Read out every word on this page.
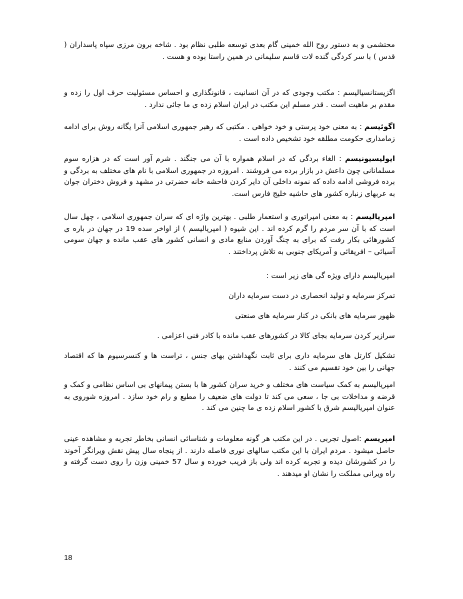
محتشمی و به دستور روح الله خمینی گام بعدی توسعه طلبی نظام بود . شاخه برون مرزی سپاه پاسداران ( قدس ) با سر کردگی گنده لات قاسم سلیمانی در همین راستا بوده و هست .

اگزیستانسیالیسم : مکتب وجودی که در آن انسانیت ، قانونگذاری و احساس مسئولیت حرف اول را زده و مقدم بر ماهیت است . قدر مسلم این مکتب در ایران اسلام زده ی ما جائی ندارد .

اگوئیسم : به معنی خود پرستی و خود خواهی . مکتبی که رهبر جمهوری اسلامی آنرا یگانه روش برای ادامه زمامداری حکومت مطلقه خود تشخیص داده است .

ایولیسیونیسم : الغاء بردگی که در اسلام همواره با آن می جنگند . شرم آور است که در هزاره سوم مسلمانانی چون داعش در بازار برده می فروشند . امروزه در جمهوری اسلامی با نام های مختلف به بردگی و برده فروشی ادامه داده که نمونه داخلی آن دایر کردن فاحشه خانه حضرتی در مشهد و فروش دختران جوان به عربهای زنباره کشور های حاشیه خلیج فارس است.

امپریالیسم : به معنی امپراتوری و استعمار طلبی . بهترین واژه ای که سران جمهوری اسلامی ، چهل سال است که با آن سر مردم را گرم کرده اند . این شیوه ( امپریالیسم ) از اواخر سده 19 در جهان در باره ی کشورهائی بکار رفت که برای به چنگ آوردن منابع مادی و انسانی کشور های عقب مانده و جهان سومی آسیائی – افریقائی و آمریکای جنوبی به تلاش پرداختند .

امپریالیسم دارای ویژه گی های زیر است :

تمرکز سرمایه و تولید انحصاری در دست سرمایه داران

ظهور سرمایه های بانکی در کنار سرمایه های صنعتی

سرازیر کردن سرمایه بجای کالا در کشورهای عقب مانده با کادر فنی اعزامی .

تشکیل کارتل های سرمایه داری برای ثابت نگهداشتن بهای جنس ، تراست ها و کنسرسیوم ها که اقتصاد جهانی را بین خود تقسیم می کنند .

امپریالیسم به کمک سیاست های مختلف و خرید سران کشور ها با بستن پیمانهای بی اساس نظامی و کمک و قرضه و مداخلات بی جا ، سعی می کند تا دولت های ضعیف را مطیع و رام خود سازد . امروزه شوروی به عنوان امپریالیسم شرق با کشور اسلام زده ی ما چنین می کند .

امپریسم :اصول تجربی . در این مکتب هر گونه معلومات و شناسائی انسانی بخاطر تجربه و مشاهده عینی حاصل میشود . مردم ایران با این مکتب سالهای نوری فاصله دارند . از پنجاه سال پیش نقش ویرانگر آخوند را در کشورشان دیده و تجربه کرده اند ولی باز فریب خورده و سال 57 خمینی وزن را روی دست گرفته و راه ویرانی مملکت را نشان او میدهند .

18
